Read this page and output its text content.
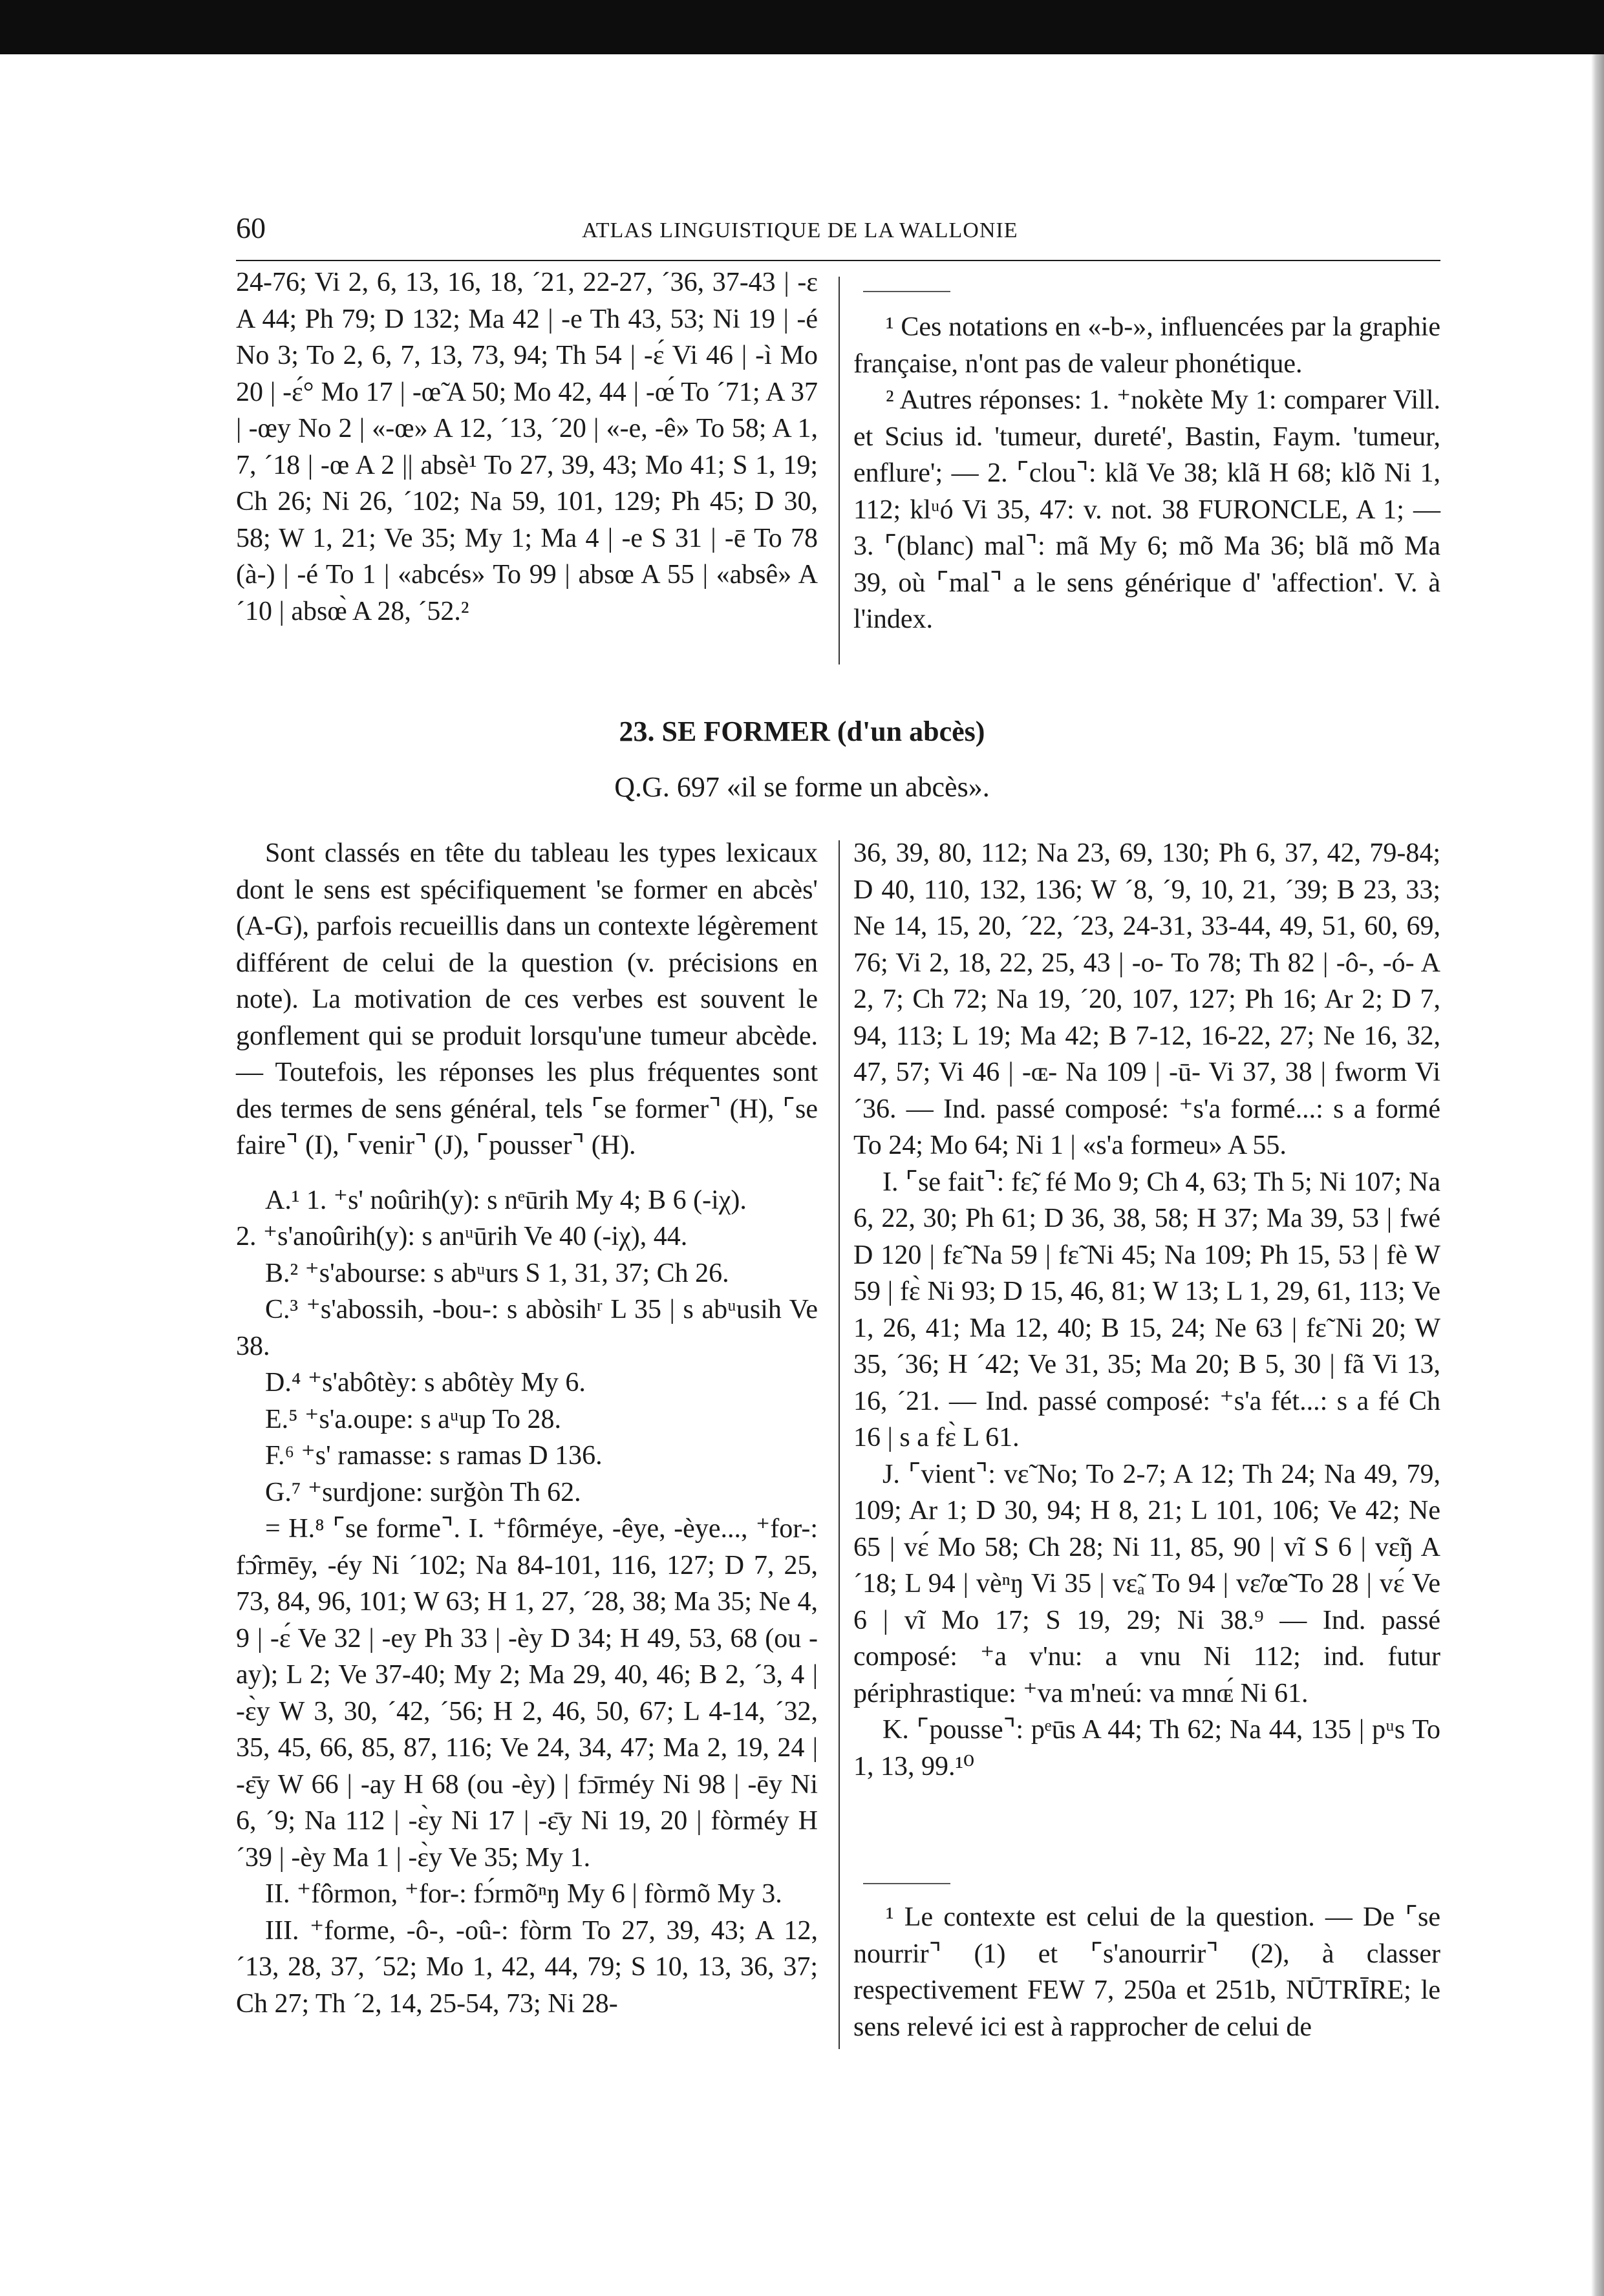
60	ATLAS LINGUISTIQUE DE LA WALLONIE

24-76; Vi 2, 6, 13, 16, 18, ´21, 22-27, ´36, 37-43 | -ε A 44; Ph 79; D 132; Ma 42 | -e Th 43, 53; Ni 19 | -é No 3; To 2, 6, 7, 13, 73, 94; Th 54 | -ɛ́ Vi 46 | -ì Mo 20 | -ɛ́° Mo 17 | -œ̃ A 50; Mo 42, 44 | -œ́ To ´71; A 37 | -œy No 2 | «-œ» A 12, ´13, ´20 | «-e, -ê» To 58; A 1, 7, ´18 | -œ A 2 || absè¹ To 27, 39, 43; Mo 41; S 1, 19; Ch 26; Ni 26, ´102; Na 59, 101, 129; Ph 45; D 30, 58; W 1, 21; Ve 35; My 1; Ma 4 | -e S 31 | -ē To 78 (à-) | -é To 1 | «abcés» To 99 | absœ A 55 | «absê» A ´10 | absœ̀ A 28, ´52.²

¹ Ces notations en «-b-», influencées par la graphie française, n'ont pas de valeur phonétique.

² Autres réponses: 1. ⁺nokète My 1: comparer Vill. et Scius id. 'tumeur, dureté', Bastin, Faym. 'tumeur, enflure'; — 2. ⌜clou⌝: klã Ve 38; klã H 68; klõ Ni 1, 112; klᵘó Vi 35, 47: v. not. 38 FURONCLE, A 1; — 3. ⌜(blanc) mal⌝: mã My 6; mõ Ma 36; blã mõ Ma 39, où ⌜mal⌝ a le sens générique d' 'affection'. V. à l'index.

23. SE FORMER (d'un abcès)
Q.G. 697 «il se forme un abcès».

Sont classés en tête du tableau les types lexicaux dont le sens est spécifiquement 'se former en abcès' (A-G), parfois recueillis dans un contexte légèrement différent de celui de la question (v. précisions en note). La motivation de ces verbes est souvent le gonflement qui se produit lorsqu'une tumeur abcède. — Toutefois, les réponses les plus fréquentes sont des termes de sens général, tels ⌜se former⌝ (H), ⌜se faire⌝ (I), ⌜venir⌝ (J), ⌜pousser⌝ (H).

A.¹ 1. ⁺s' noûrih(y): s nᵉūrih My 4; B 6 (-iχ).

2. ⁺s'anoûrih(y): s anᵘūrih Ve 40 (-iχ), 44.

B.² ⁺s'abourse: s abᵘurs S 1, 31, 37; Ch 26.

C.³ ⁺s'abossih, -bou-: s abòsihʳ L 35 | s abᵘusih Ve 38.

D.⁴ ⁺s'abôtèy: s abôtèy My 6.

E.⁵ ⁺s'a.oupe: s aᵘup To 28.

F.⁶ ⁺s' ramasse: s ramas D 136.

G.⁷ ⁺surdjone: surǧòn Th 62.

= H.⁸ ⌜se forme⌝. I. ⁺fôrméye, -êye, -èye..., ⁺for-: fɔ̂rmēy, -éy Ni ´102; Na 84-101, 116, 127; D 7, 25, 73, 84, 96, 101; W 63; H 1, 27, ´28, 38; Ma 35; Ne 4, 9 | -ɛ́ Ve 32 | -ey Ph 33 | -èy D 34; H 49, 53, 68 (ou -ay); L 2; Ve 37-40; My 2; Ma 29, 40, 46; B 2, ´3, 4 | -ɛ̀y W 3, 30, ´42, ´56; H 2, 46, 50, 67; L 4-14, ´32, 35, 45, 66, 85, 87, 116; Ve 24, 34, 47; Ma 2, 19, 24 | -ɛ̄y W 66 | -ay H 68 (ou -èy) | fɔ̄rméy Ni 98 | -ēy Ni 6, ´9; Na 112 | -ɛ̀y Ni 17 | -ɛ̄y Ni 19, 20 | fòrméy H ´39 | -èy Ma 1 | -ɛ̀y Ve 35; My 1.

II. ⁺fôrmon, ⁺for-: fɔ́rmõⁿŋ My 6 | fòrmõ My 3.

III. ⁺forme, -ô-, -oû-: fòrm To 27, 39, 43; A 12, ´13, 28, 37, ´52; Mo 1, 42, 44, 79; S 10, 13, 36, 37; Ch 27; Th ´2, 14, 25-54, 73; Ni 28-

36, 39, 80, 112; Na 23, 69, 130; Ph 6, 37, 42, 79-84; D 40, 110, 132, 136; W ´8, ´9, 10, 21, ´39; B 23, 33; Ne 14, 15, 20, ´22, ´23, 24-31, 33-44, 49, 51, 60, 69, 76; Vi 2, 18, 22, 25, 43 | -o- To 78; Th 82 | -ô-, -ó- A 2, 7; Ch 72; Na 19, ´20, 107, 127; Ph 16; Ar 2; D 7, 94, 113; L 19; Ma 42; B 7-12, 16-22, 27; Ne 16, 32, 47, 57; Vi 46 | -ɶ- Na 109 | -ū- Vi 37, 38 | fworm Vi ´36. — Ind. passé composé: ⁺s'a formé...: s a formé To 24; Mo 64; Ni 1 | «s'a formeu» A 55.

I. ⌜se fait⌝: fɛ̃, fé Mo 9; Ch 4, 63; Th 5; Ni 107; Na 6, 22, 30; Ph 61; D 36, 38, 58; H 37; Ma 39, 53 | fwé D 120 | fɛ̃ Na 59 | fɛ̃ Ni 45; Na 109; Ph 15, 53 | fè W 59 | fɛ̀ Ni 93; D 15, 46, 81; W 13; L 1, 29, 61, 113; Ve 1, 26, 41; Ma 12, 40; B 15, 24; Ne 63 | fɛ̃ Ni 20; W 35, ´36; H ´42; Ve 31, 35; Ma 20; B 5, 30 | fã Vi 13, 16, ´21. — Ind. passé composé: ⁺s'a fét...: s a fé Ch 16 | s a fɛ̀ L 61.

J. ⌜vient⌝: vɛ̃ No; To 2-7; A 12; Th 24; Na 49, 79, 109; Ar 1; D 30, 94; H 8, 21; L 101, 106; Ve 42; Ne 65 | vɛ́ Mo 58; Ch 28; Ni 11, 85, 90 | vĩ S 6 | vɛ̃ŋ A ´18; L 94 | vèⁿŋ Vi 35 | vɛ̃ₐ To 94 | vɛ̃/œ̃ To 28 | vɛ́ Ve 6 | vĩ Mo 17; S 19, 29; Ni 38.⁹ — Ind. passé composé: ⁺a v'nu: a vnu Ni 112; ind. futur périphrastique: ⁺va m'neú: va mnɶ́ Ni 61.

K. ⌜pousse⌝: pᵉūs A 44; Th 62; Na 44, 135 | pᵘs To 1, 13, 99.¹⁰

¹ Le contexte est celui de la question. — De ⌜se nourrir⌝ (1) et ⌜s'anourrir⌝ (2), à classer respectivement FEW 7, 250a et 251b, NŪTRĪRE; le sens relevé ici est à rapprocher de celui de
